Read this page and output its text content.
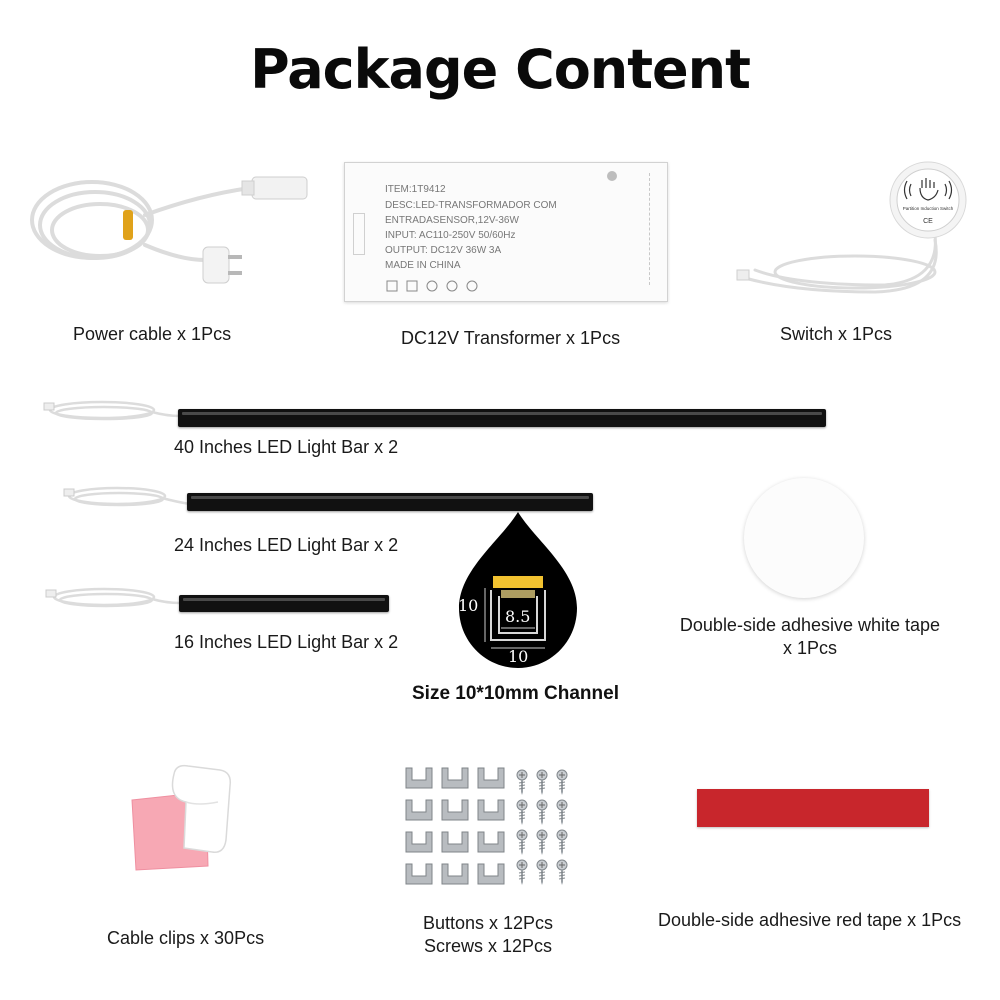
Package Content
Power cable x 1Pcs
ITEM:1T9412
DESC:LED-TRANSFORMADOR COM
ENTRADASENSOR,12V-36W
INPUT: AC110-250V 50/60Hz
OUTPUT: DC12V 36W 3A
MADE IN CHINA
DC12V Transformer x 1Pcs
Partition Induction Switch
CE
Switch x 1Pcs
40 Inches LED Light Bar x 2
24 Inches LED Light Bar x 2
16 Inches LED Light Bar x 2
10
8.5
10
Size 10*10mm Channel
Double-side adhesive white tape
x 1Pcs
Cable clips x 30Pcs
Buttons x 12Pcs
Screws x 12Pcs
Double-side adhesive red tape x 1Pcs
